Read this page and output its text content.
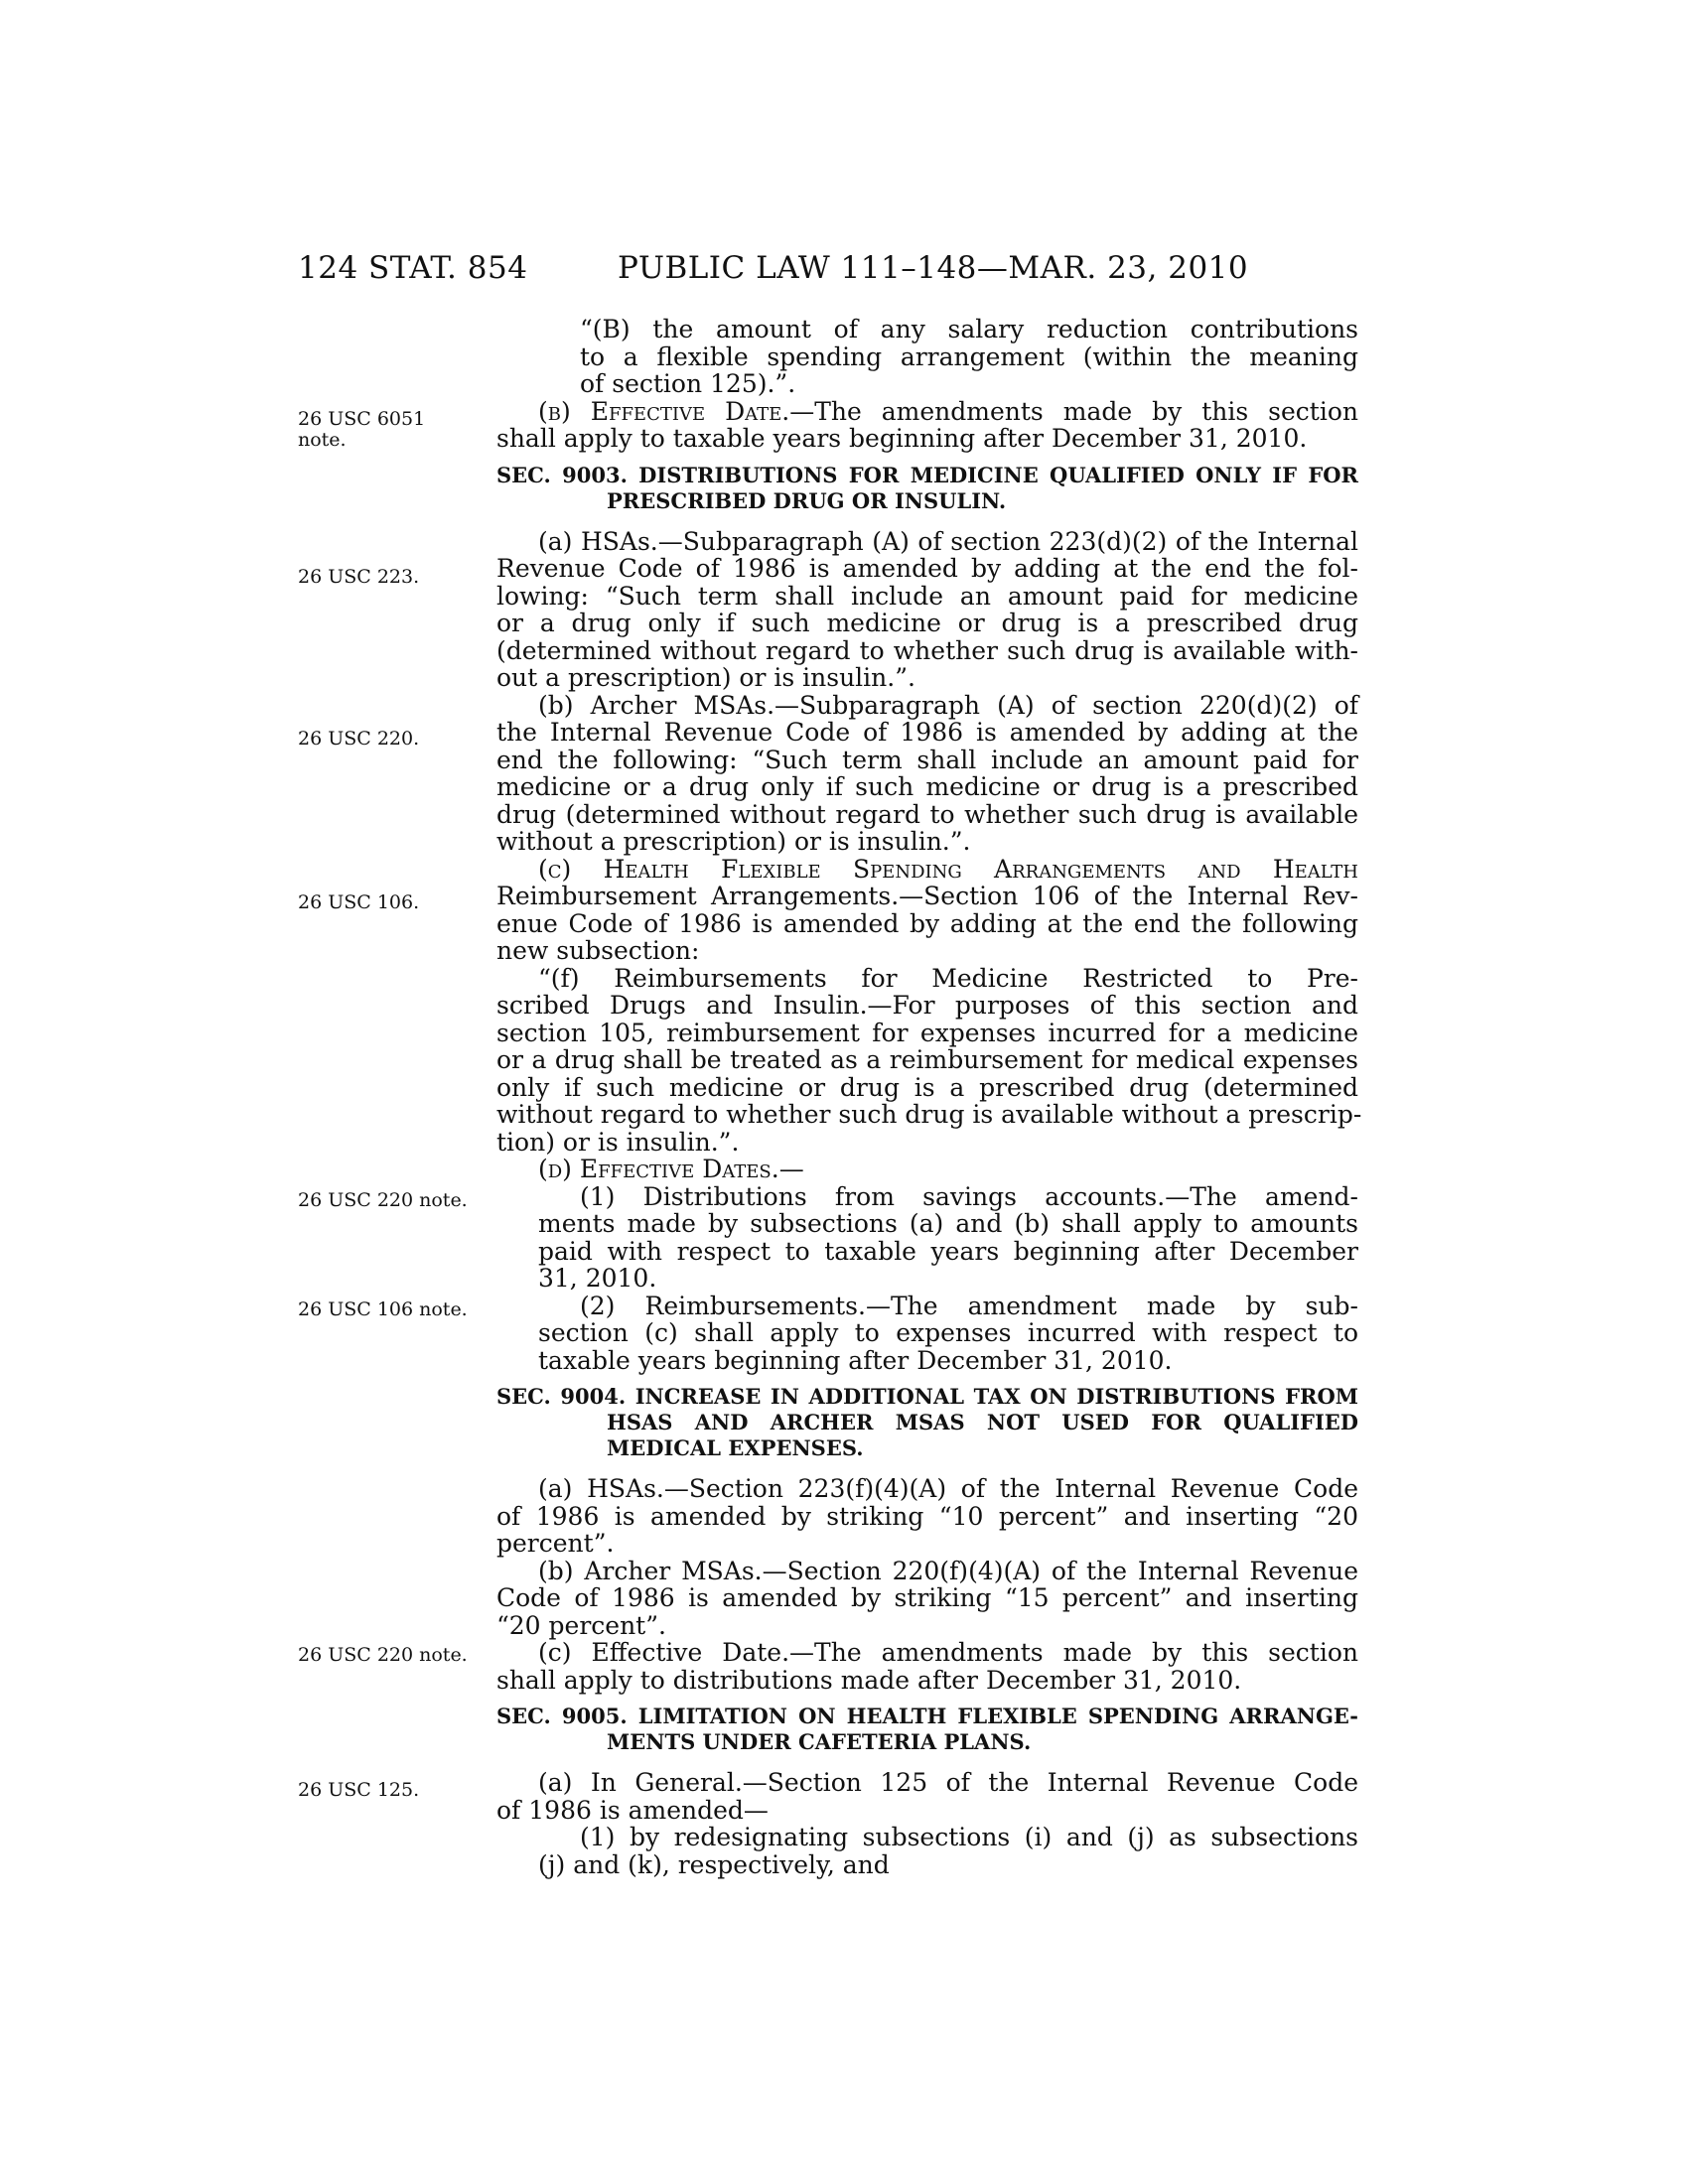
124 STAT. 854	PUBLIC LAW 111–148—MAR. 23, 2010
26 USC 6051
note.
26 USC 223.
26 USC 220.
26 USC 106.
26 USC 220 note.
26 USC 106 note.
26 USC 220 note.
26 USC 125.
“(B) the amount of any salary reduction contributions
to a flexible spending arrangement (within the meaning
of section 125).”.
(b) Effective Date.—The amendments made by this section
shall apply to taxable years beginning after December 31, 2010.
SEC. 9003. DISTRIBUTIONS FOR MEDICINE QUALIFIED ONLY IF FOR
PRESCRIBED DRUG OR INSULIN.
(a) HSAs.—Subparagraph (A) of section 223(d)(2) of the Internal
Revenue Code of 1986 is amended by adding at the end the fol-
lowing: “Such term shall include an amount paid for medicine
or a drug only if such medicine or drug is a prescribed drug
(determined without regard to whether such drug is available with-
out a prescription) or is insulin.”.
(b) Archer MSAs.—Subparagraph (A) of section 220(d)(2) of
the Internal Revenue Code of 1986 is amended by adding at the
end the following: “Such term shall include an amount paid for
medicine or a drug only if such medicine or drug is a prescribed
drug (determined without regard to whether such drug is available
without a prescription) or is insulin.”.
(c) Health Flexible Spending Arrangements and Health
Reimbursement Arrangements.—Section 106 of the Internal Rev-
enue Code of 1986 is amended by adding at the end the following
new subsection:
“(f) Reimbursements for Medicine Restricted to Pre-
scribed Drugs and Insulin.—For purposes of this section and
section 105, reimbursement for expenses incurred for a medicine
or a drug shall be treated as a reimbursement for medical expenses
only if such medicine or drug is a prescribed drug (determined
without regard to whether such drug is available without a prescrip-
tion) or is insulin.”.
(d) Effective Dates.—
(1) Distributions from savings accounts.—The amend-
ments made by subsections (a) and (b) shall apply to amounts
paid with respect to taxable years beginning after December
31, 2010.
(2) Reimbursements.—The amendment made by sub-
section (c) shall apply to expenses incurred with respect to
taxable years beginning after December 31, 2010.
SEC. 9004. INCREASE IN ADDITIONAL TAX ON DISTRIBUTIONS FROM
HSAS AND ARCHER MSAS NOT USED FOR QUALIFIED
MEDICAL EXPENSES.
(a) HSAs.—Section 223(f)(4)(A) of the Internal Revenue Code
of 1986 is amended by striking “10 percent” and inserting “20
percent”.
(b) Archer MSAs.—Section 220(f)(4)(A) of the Internal Revenue
Code of 1986 is amended by striking “15 percent” and inserting
“20 percent”.
(c) Effective Date.—The amendments made by this section
shall apply to distributions made after December 31, 2010.
SEC. 9005. LIMITATION ON HEALTH FLEXIBLE SPENDING ARRANGE-
MENTS UNDER CAFETERIA PLANS.
(a) In General.—Section 125 of the Internal Revenue Code
of 1986 is amended—
(1) by redesignating subsections (i) and (j) as subsections
(j) and (k), respectively, and
